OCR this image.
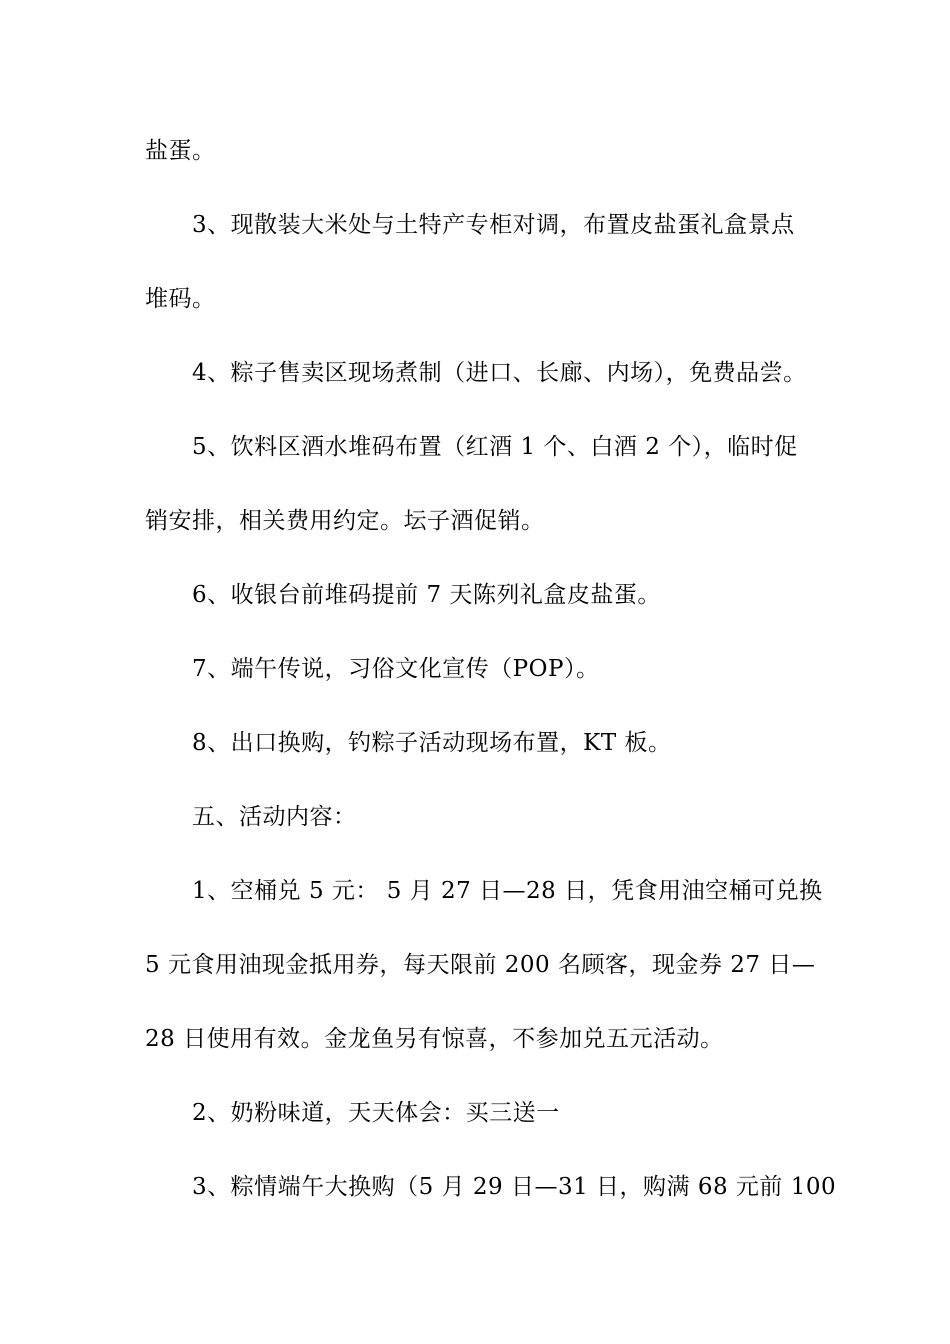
盐蛋。
3、现散装大米处与土特产专柜对调，布置皮盐蛋礼盒景点
堆码。
4、粽子售卖区现场煮制（进口、长廊、内场），免费品尝。
5、饮料区酒水堆码布置（红酒 1 个、白酒 2 个），临时促
销安排，相关费用约定。坛子酒促销。
6、收银台前堆码提前 7 天陈列礼盒皮盐蛋。
7、端午传说，习俗文化宣传（POP）。
8、出口换购，钓粽子活动现场布置，KT 板。
五、活动内容：
1、空桶兑 5 元： 5 月 27 日—28 日，凭食用油空桶可兑换
5 元食用油现金抵用券，每天限前 200 名顾客，现金券 27 日—
28 日使用有效。金龙鱼另有惊喜，不参加兑五元活动。
2、奶粉味道，天天体会：买三送一
3、粽情端午大换购（5 月 29 日—31 日，购满 68 元前 100
